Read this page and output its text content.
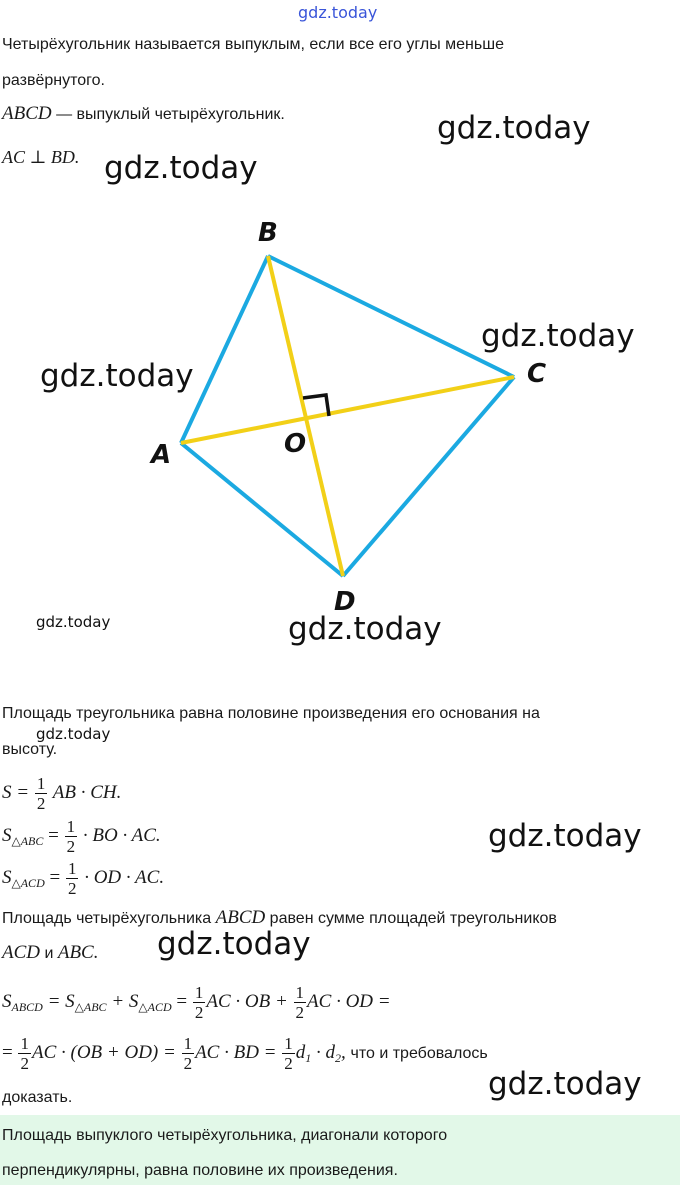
gdz.today
Четырёхугольник называется выпуклым, если все его углы меньше
развёрнутого.
ABCD — выпуклый четырёхугольник.
AC ⊥ BD.
gdz.today
gdz.today
gdz.today
gdz.today
gdz.today
gdz.today
gdz.today
gdz.today
gdz.today
gdz.today
B
C
A	O
D
Площадь треугольника равна половине произведения его основания на
высоту.
$S = \frac{1}{2}$ AB · CH.
$S_{\triangle ABC} = \frac{1}{2}$ · BO · AC.
$S_{\triangle ACD} = \frac{1}{2}$ · OD · AC.
Площадь четырёхугольника ABCD равен сумме площадей треугольников
ACD и ABC.
$S_{ABCD} = S_{\triangle ABC} + S_{\triangle ACD} = \frac{1}{2}$ AC · OB + $\frac{1}{2}$ AC · OD =
= $\frac{1}{2}$ AC · $(OB + OD) = \frac{1}{2}$ AC · BD = $\frac{1}{2} d_1 \cdot d_2$, что и требовалось
доказать.
Площадь выпуклого четырёхугольника, диагонали которого
перпендикулярны, равна половине их произведения.
